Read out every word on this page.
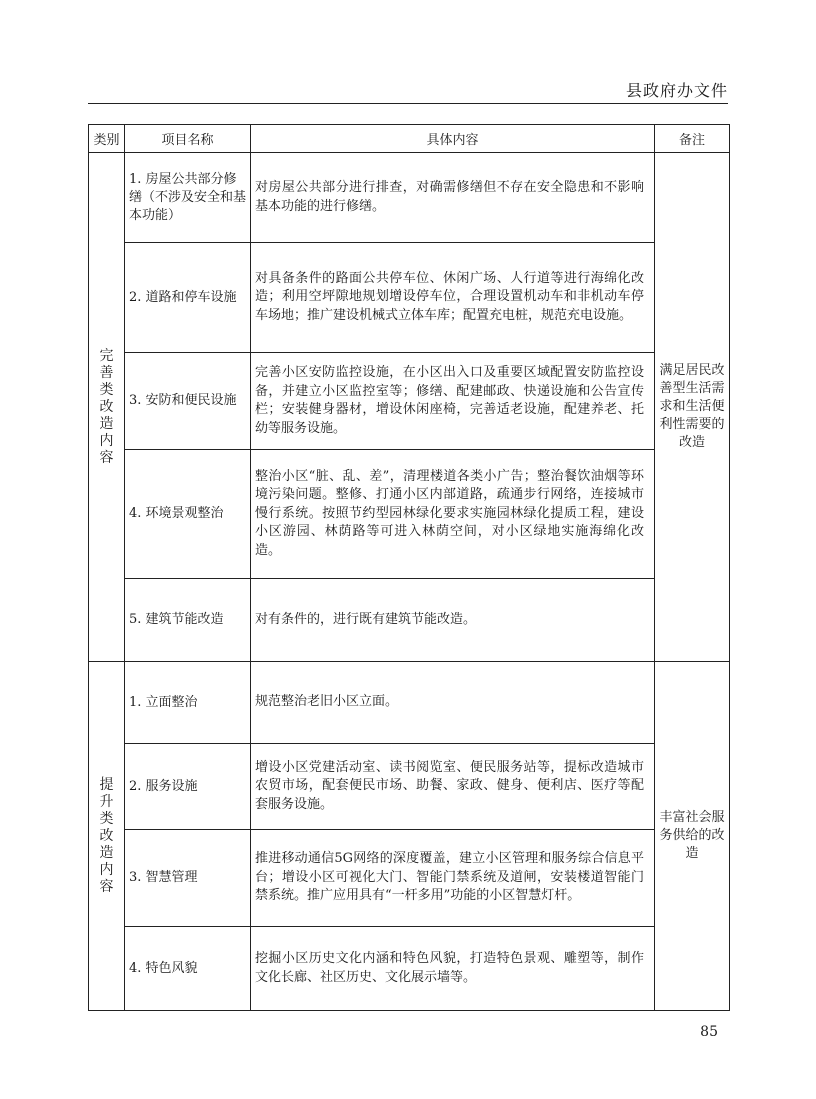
县政府办文件
类别	项目名称	具体内容	备注

完善类改造内容	1. 房屋公共部分修缮（不涉及安全和基本功能）	对房屋公共部分进行排查，对确需修缮但不存在安全隐患和不影响基本功能的进行修缮。	满足居民改善型生活需求和生活便利性需要的改造
	2. 道路和停车设施	对具备条件的路面公共停车位、休闲广场、人行道等进行海绵化改造；利用空坪隙地规划增设停车位，合理设置机动车和非机动车停车场地；推广建设机械式立体车库；配置充电桩，规范充电设施。	
	3. 安防和便民设施	完善小区安防监控设施，在小区出入口及重要区域配置安防监控设备，并建立小区监控室等；修缮、配建邮政、快递设施和公告宣传栏；安装健身器材，增设休闲座椅，完善适老设施，配建养老、托幼等服务设施。	
	4. 环境景观整治	整治小区“脏、乱、差”，清理楼道各类小广告；整治餐饮油烟等环境污染问题。整修、打通小区内部道路，疏通步行网络，连接城市慢行系统。按照节约型园林绿化要求实施园林绿化提质工程，建设小区游园、林荫路等可进入林荫空间，对小区绿地实施海绵化改造。	
	5. 建筑节能改造	对有条件的，进行既有建筑节能改造。	

提升类改造内容	1. 立面整治	规范整治老旧小区立面。	丰富社会服务供给的改造
	2. 服务设施	增设小区党建活动室、读书阅览室、便民服务站等，提标改造城市农贸市场，配套便民市场、助餐、家政、健身、便利店、医疗等配套服务设施。	
	3. 智慧管理	推进移动通信5G网络的深度覆盖，建立小区管理和服务综合信息平台；增设小区可视化大门、智能门禁系统及道闸，安装楼道智能门禁系统。推广应用具有“一杆多用”功能的小区智慧灯杆。	
	4. 特色风貌	挖掘小区历史文化内涵和特色风貌，打造特色景观、雕塑等，制作文化长廊、社区历史、文化展示墙等。	
85
